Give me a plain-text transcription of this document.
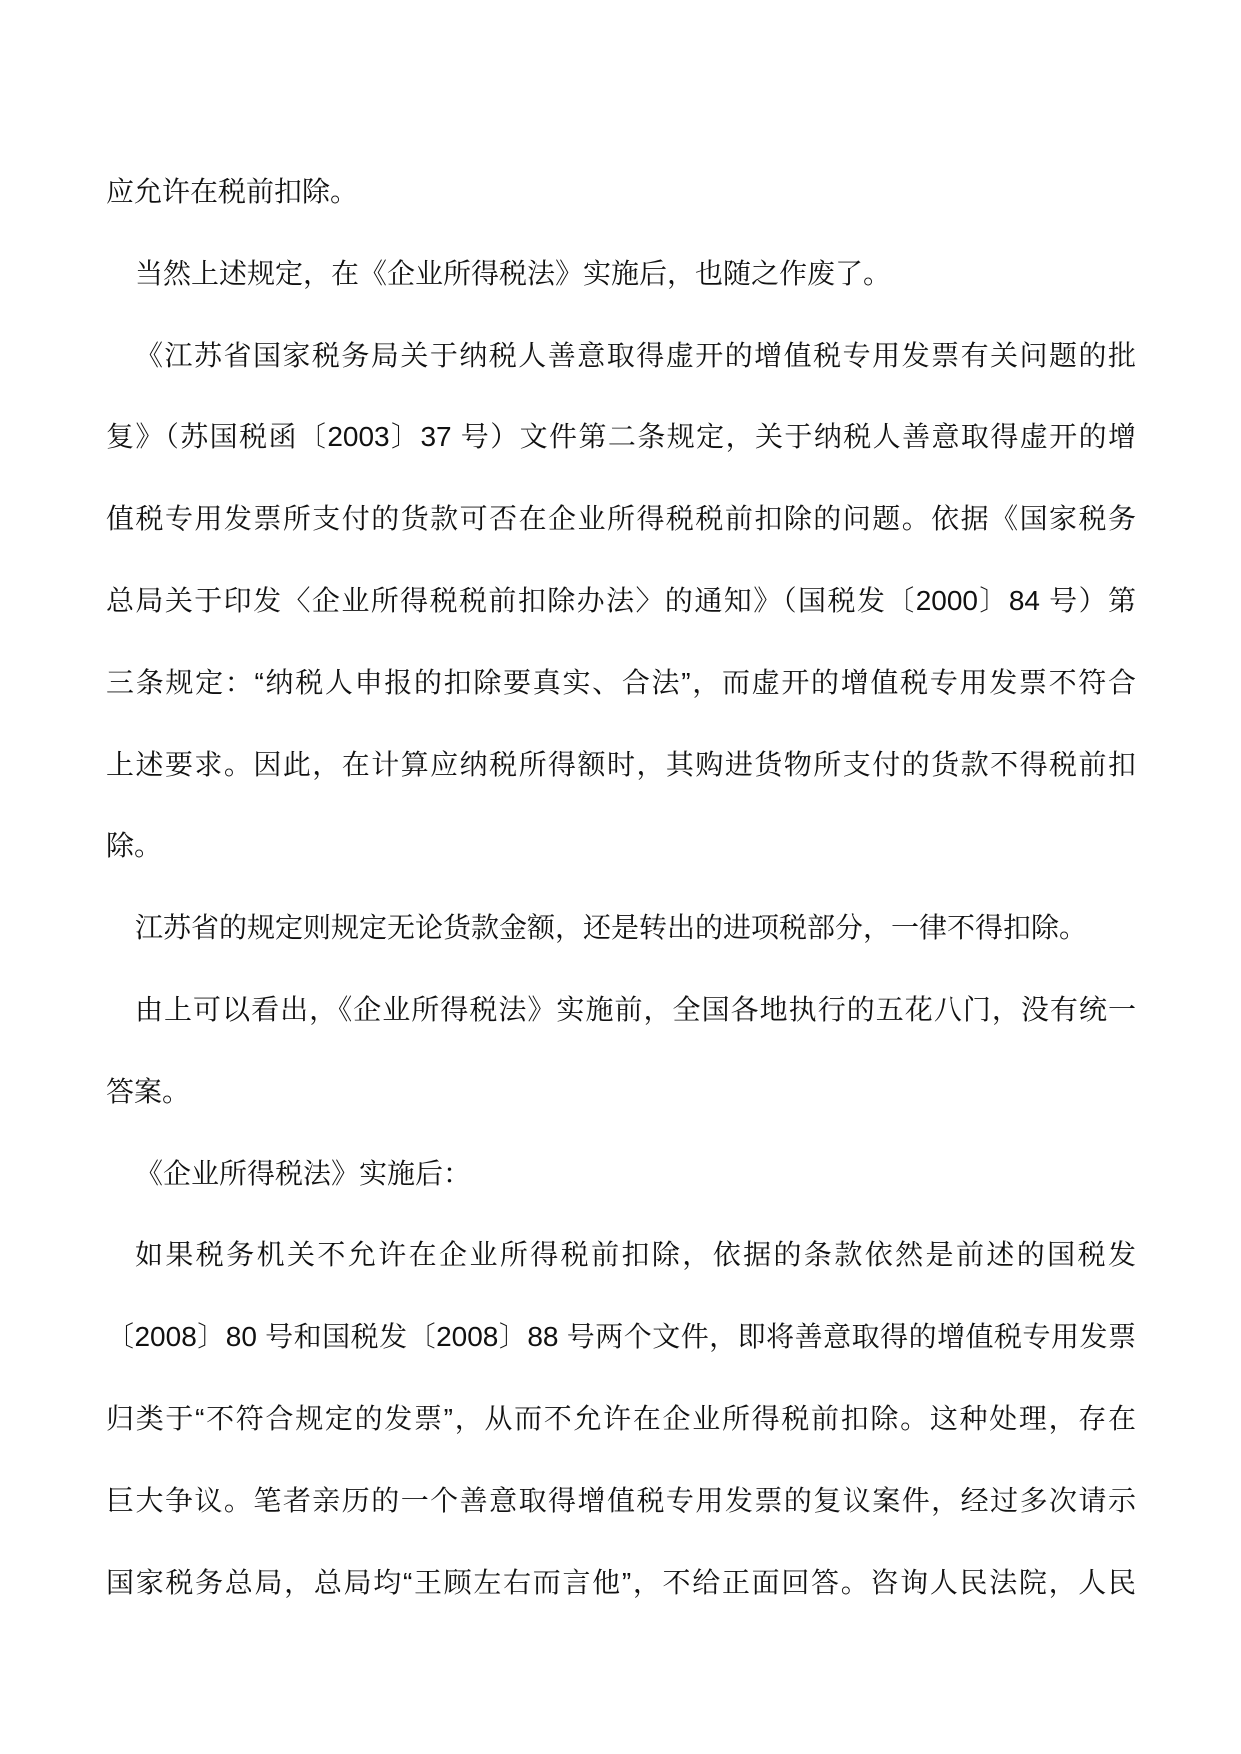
应允许在税前扣除。
当然上述规定，在《企业所得税法》实施后，也随之作废了。
《江苏省国家税务局关于纳税人善意取得虚开的增值税专用发票有关问题的批
复》（苏国税函〔2003〕37 号）文件第二条规定，关于纳税人善意取得虚开的增
值税专用发票所支付的货款可否在企业所得税税前扣除的问题。依据《国家税务
总局关于印发〈企业所得税税前扣除办法〉的通知》（国税发〔2000〕84 号）第
三条规定：“纳税人申报的扣除要真实、合法”，而虚开的增值税专用发票不符合
上述要求。因此，在计算应纳税所得额时，其购进货物所支付的货款不得税前扣
除。
江苏省的规定则规定无论货款金额，还是转出的进项税部分，一律不得扣除。
由上可以看出，《企业所得税法》实施前，全国各地执行的五花八门，没有统一
答案。
《企业所得税法》实施后：
如果税务机关不允许在企业所得税前扣除，依据的条款依然是前述的国税发
〔2008〕80 号和国税发〔2008〕88 号两个文件，即将善意取得的增值税专用发票
归类于“不符合规定的发票”，从而不允许在企业所得税前扣除。这种处理，存在
巨大争议。笔者亲历的一个善意取得增值税专用发票的复议案件，经过多次请示
国家税务总局，总局均“王顾左右而言他”，不给正面回答。咨询人民法院，人民
